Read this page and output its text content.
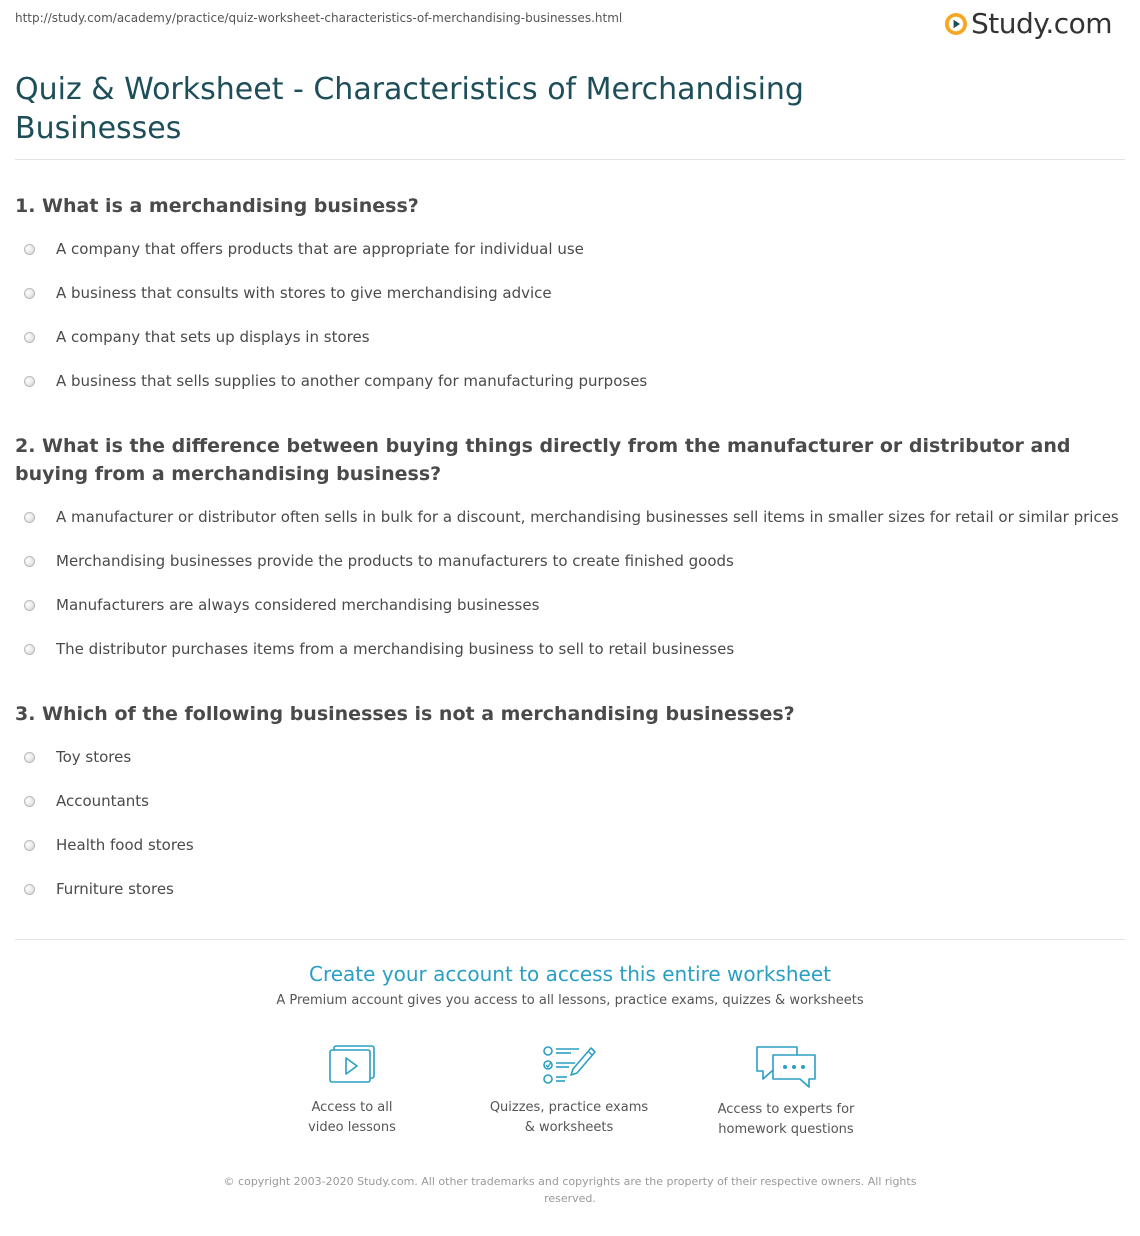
http://study.com/academy/practice/quiz-worksheet-characteristics-of-merchandising-businesses.html	Study.com
Quiz & Worksheet - Characteristics of Merchandising Businesses
1. What is a merchandising business?
A company that offers products that are appropriate for individual use
A business that consults with stores to give merchandising advice
A company that sets up displays in stores
A business that sells supplies to another company for manufacturing purposes
2. What is the difference between buying things directly from the manufacturer or distributor and buying from a merchandising business?
A manufacturer or distributor often sells in bulk for a discount, merchandising businesses sell items in smaller sizes for retail or similar prices
Merchandising businesses provide the products to manufacturers to create finished goods
Manufacturers are always considered merchandising businesses
The distributor purchases items from a merchandising business to sell to retail businesses
3. Which of the following businesses is not a merchandising businesses?
Toy stores
Accountants
Health food stores
Furniture stores
Create your account to access this entire worksheet
A Premium account gives you access to all lessons, practice exams, quizzes & worksheets
Access to all
video lessons
Quizzes, practice exams
& worksheets
Access to experts for
homework questions
© copyright 2003-2020 Study.com. All other trademarks and copyrights are the property of their respective owners. All rights reserved.
